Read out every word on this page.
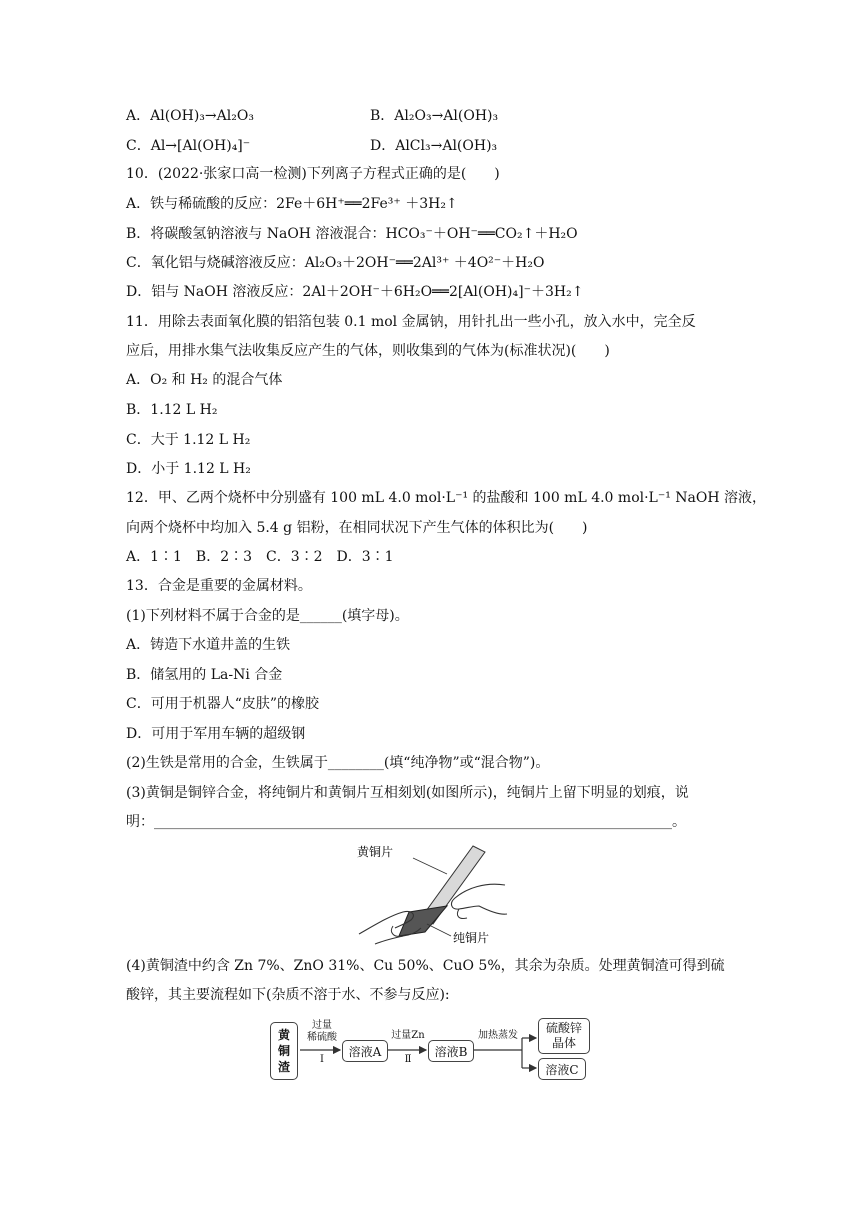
A．Al(OH)₃→Al₂O₃	B．Al₂O₃→Al(OH)₃
C．Al→[Al(OH)₄]⁻	D．AlCl₃→Al(OH)₃
10．(2022·张家口高一检测)下列离子方程式正确的是(　　)
A．铁与稀硫酸的反应：2Fe＋6H⁺══2Fe³⁺ ＋3H₂↑
B．将碳酸氢钠溶液与 NaOH 溶液混合：HCO₃⁻＋OH⁻══CO₂↑＋H₂O
C．氧化铝与烧碱溶液反应：Al₂O₃＋2OH⁻══2Al³⁺ ＋4O²⁻＋H₂O
D．铝与 NaOH 溶液反应：2Al＋2OH⁻＋6H₂O══2[Al(OH)₄]⁻＋3H₂↑
11．用除去表面氧化膜的铝箔包装 0.1 mol 金属钠，用针扎出一些小孔，放入水中，完全反
应后，用排水集气法收集反应产生的气体，则收集到的气体为(标准状况)(　　)
A．O₂ 和 H₂ 的混合气体
B．1.12 L H₂
C．大于 1.12 L H₂
D．小于 1.12 L H₂
12．甲、乙两个烧杯中分别盛有 100 mL 4.0 mol·L⁻¹ 的盐酸和 100 mL 4.0 mol·L⁻¹ NaOH 溶液，
向两个烧杯中均加入 5.4 g 铝粉，在相同状况下产生气体的体积比为(　　)
A．1∶1　B．2∶3　C．3∶2　D．3∶1
13．合金是重要的金属材料。
(1)下列材料不属于合金的是______(填字母)。
A．铸造下水道井盖的生铁
B．储氢用的 La-Ni 合金
C．可用于机器人“皮肤”的橡胶
D．可用于军用车辆的超级钢
(2)生铁是常用的合金，生铁属于________(填“纯净物”或“混合物”)。
(3)黄铜是铜锌合金，将纯铜片和黄铜片互相刻划(如图所示)，纯铜片上留下明显的划痕，说
明：__________________________________________________________________________。
黄铜片
纯铜片
(4)黄铜渣中约含 Zn 7%、ZnO 31%、Cu 50%、CuO 5%，其余为杂质。处理黄铜渣可得到硫
酸锌，其主要流程如下(杂质不溶于水、不参与反应):
黄
铜
渣
过量
稀硫酸
Ⅰ
溶液A
过量Zn
Ⅱ
溶液B
加热蒸发
硫酸锌
晶体
溶液C
